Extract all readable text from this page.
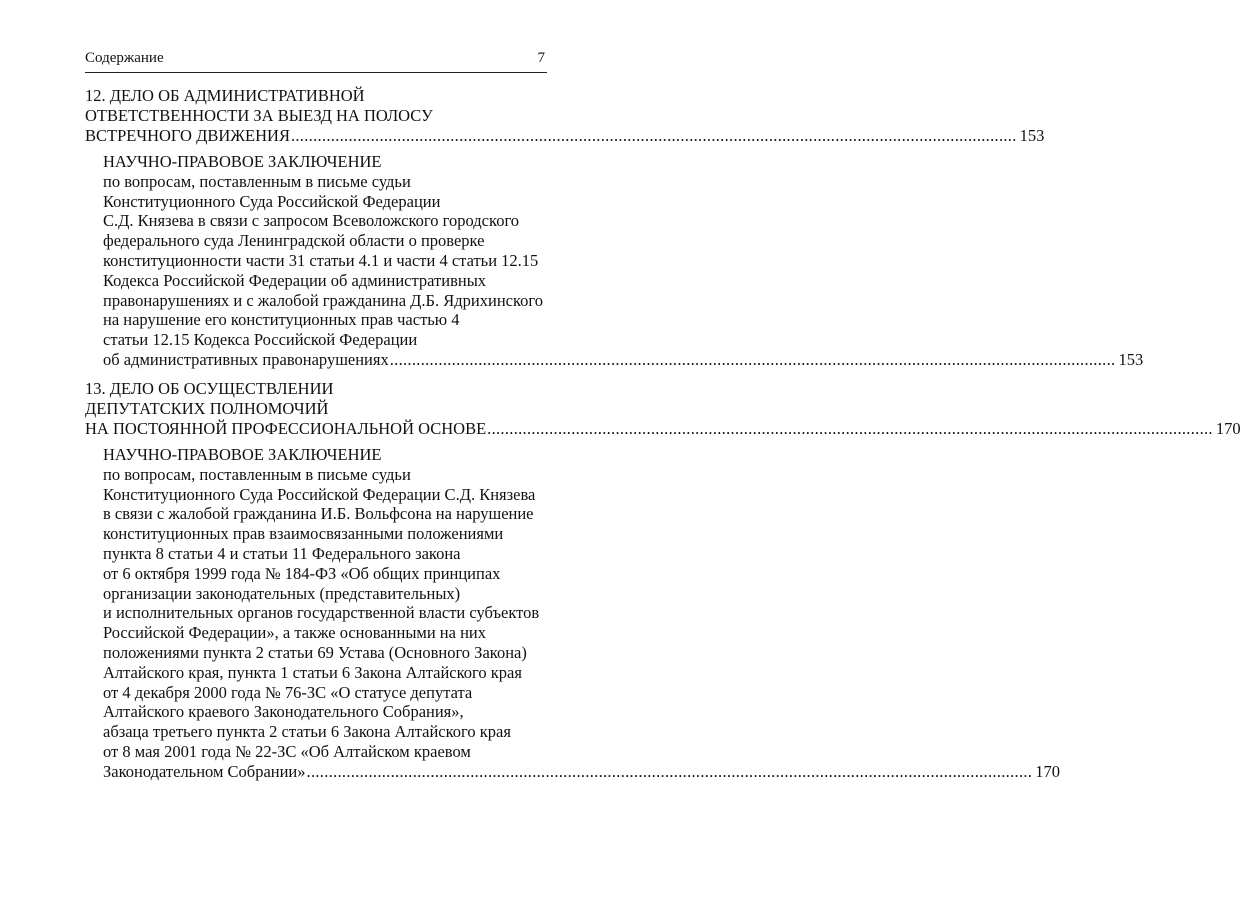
Содержание	7
12. ДЕЛО ОБ АДМИНИСТРАТИВНОЙ
ОТВЕТСТВЕННОСТИ ЗА ВЫЕЗД НА ПОЛОСУ
ВСТРЕЧНОГО ДВИЖЕНИЯ .................................................................................................................................................................... 153
НАУЧНО-ПРАВОВОЕ ЗАКЛЮЧЕНИЕ
по вопросам, поставленным в письме судьи
Конституционного Суда Российской Федерации
С.Д. Князева в связи с запросом Всеволожского городского
федерального суда Ленинградской области о проверке
конституционности части 31 статьи 4.1 и части 4 статьи 12.15
Кодекса Российской Федерации об административных
правонарушениях и с жалобой гражданина Д.Б. Ядрихинского
на нарушение его конституционных прав частью 4
статьи 12.15 Кодекса Российской Федерации
об административных правонарушениях .................................................................................................................................................................... 153
13. ДЕЛО ОБ ОСУЩЕСТВЛЕНИИ
ДЕПУТАТСКИХ ПОЛНОМОЧИЙ
НА ПОСТОЯННОЙ ПРОФЕССИОНАЛЬНОЙ ОСНОВЕ .................................................................................................................................................................... 170
НАУЧНО-ПРАВОВОЕ ЗАКЛЮЧЕНИЕ
по вопросам, поставленным в письме судьи
Конституционного Суда Российской Федерации С.Д. Князева
в связи с жалобой гражданина И.Б. Вольфсона на нарушение
конституционных прав взаимосвязанными положениями
пункта 8 статьи 4 и статьи 11 Федерального закона
от 6 октября 1999 года № 184-ФЗ «Об общих принципах
организации законодательных (представительных)
и исполнительных органов государственной власти субъектов
Российской Федерации», а также основанными на них
положениями пункта 2 статьи 69 Устава (Основного Закона)
Алтайского края, пункта 1 статьи 6 Закона Алтайского края
от 4 декабря 2000 года № 76-ЗС «О статусе депутата
Алтайского краевого Законодательного Собрания»,
абзаца третьего пункта 2 статьи 6 Закона Алтайского края
от 8 мая 2001 года № 22-ЗС «Об Алтайском краевом
Законодательном Собрании» .................................................................................................................................................................... 170
